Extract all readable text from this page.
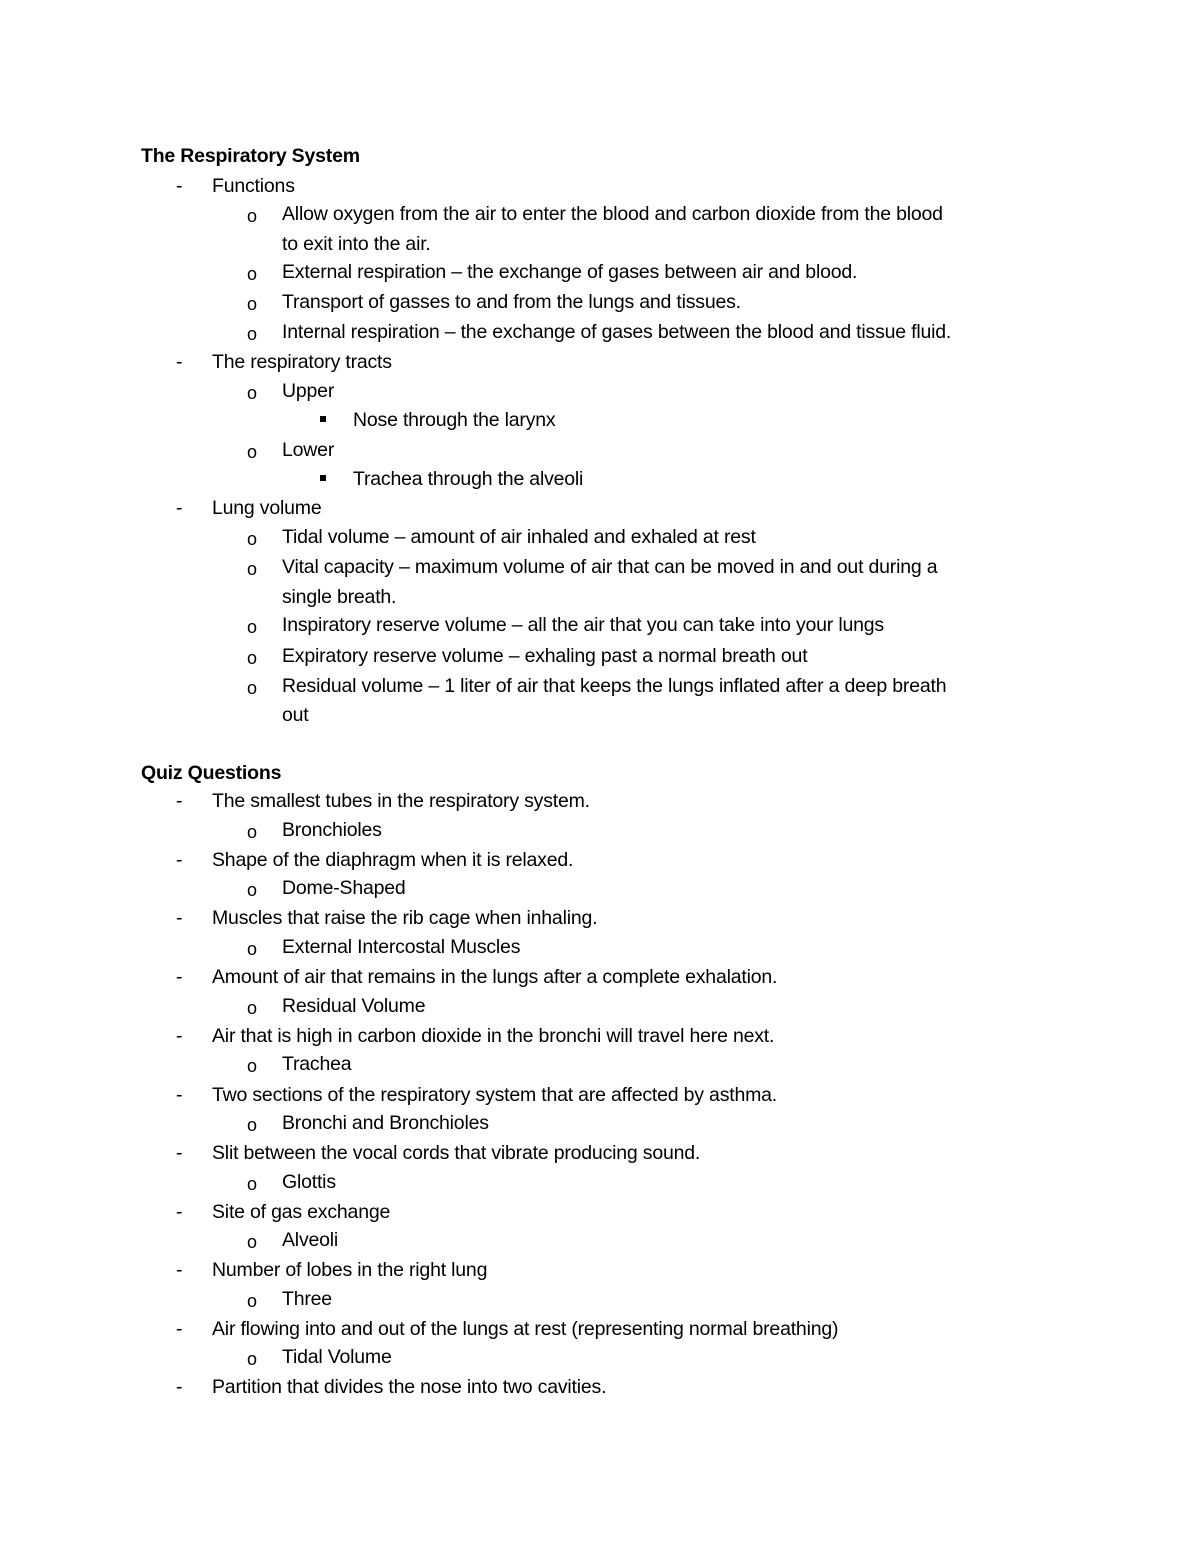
The Respiratory System
- Functions
o Allow oxygen from the air to enter the blood and carbon dioxide from the blood
to exit into the air.
o External respiration – the exchange of gases between air and blood.
o Transport of gasses to and from the lungs and tissues.
o Internal respiration – the exchange of gases between the blood and tissue fluid.
- The respiratory tracts
o Upper
Nose through the larynx
o Lower
Trachea through the alveoli
- Lung volume
o Tidal volume – amount of air inhaled and exhaled at rest
o Vital capacity – maximum volume of air that can be moved in and out during a
single breath.
o Inspiratory reserve volume – all the air that you can take into your lungs
o Expiratory reserve volume – exhaling past a normal breath out
o Residual volume – 1 liter of air that keeps the lungs inflated after a deep breath
out
Quiz Questions
- The smallest tubes in the respiratory system.
o Bronchioles
- Shape of the diaphragm when it is relaxed.
o Dome-Shaped
- Muscles that raise the rib cage when inhaling.
o External Intercostal Muscles
- Amount of air that remains in the lungs after a complete exhalation.
o Residual Volume
- Air that is high in carbon dioxide in the bronchi will travel here next.
o Trachea
- Two sections of the respiratory system that are affected by asthma.
o Bronchi and Bronchioles
- Slit between the vocal cords that vibrate producing sound.
o Glottis
- Site of gas exchange
o Alveoli
- Number of lobes in the right lung
o Three
- Air flowing into and out of the lungs at rest (representing normal breathing)
o Tidal Volume
- Partition that divides the nose into two cavities.
